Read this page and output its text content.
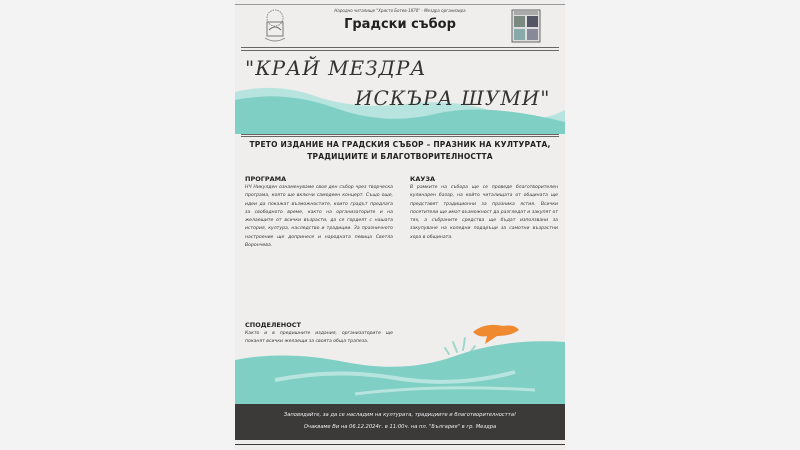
Народно читалище "Христо Ботев-1870" - Мездра организира
Градски събор
"КРАЙ МЕЗДРА
ИСКЪРА ШУМИ"
ТРЕТО ИЗДАНИЕ НА ГРАДСКИЯ СЪБОР – ПРАЗНИК НА КУЛТУРАТА,
ТРАДИЦИИТЕ И БЛАГОТВОРИТЕЛНОСТТА
ПРОГРАМА
НЧ Никулден ознаменуваме своя ден събор чрез творческа програма, която ще включи самодеен концерт. Също още, идеи да покажат възможностите, които градът предлага за свободното време, както на организаторите и на желаещите от всички възрасти, да се гордеят с нашата история, култура, наследство и традиции. За празничното настроение ще допринесе и народната певица Светла Ворончева.
КАУЗА
В рамките на събора ще се проведе благотворителен кулинарен базар, на който читалищата от общината ще представят традиционни за празника ястия. Всички посетители ще имат възможност да разгледат и закупят от тях, а събраните средства ще бъдат използвани за закупуване на коледни подаръци за самотни възрастни хора в общината.
СПОДЕЛЕНОСТ
Както и в предишните издания, организаторите ще поканят всички желаещи за своята обща трапеза.
Заповядайте, за да се насладим на културата, традициите и благотворителността!
Очакваме Ви на 06.12.2024г. в 11:00ч. на пл. "България" в гр. Мездра
